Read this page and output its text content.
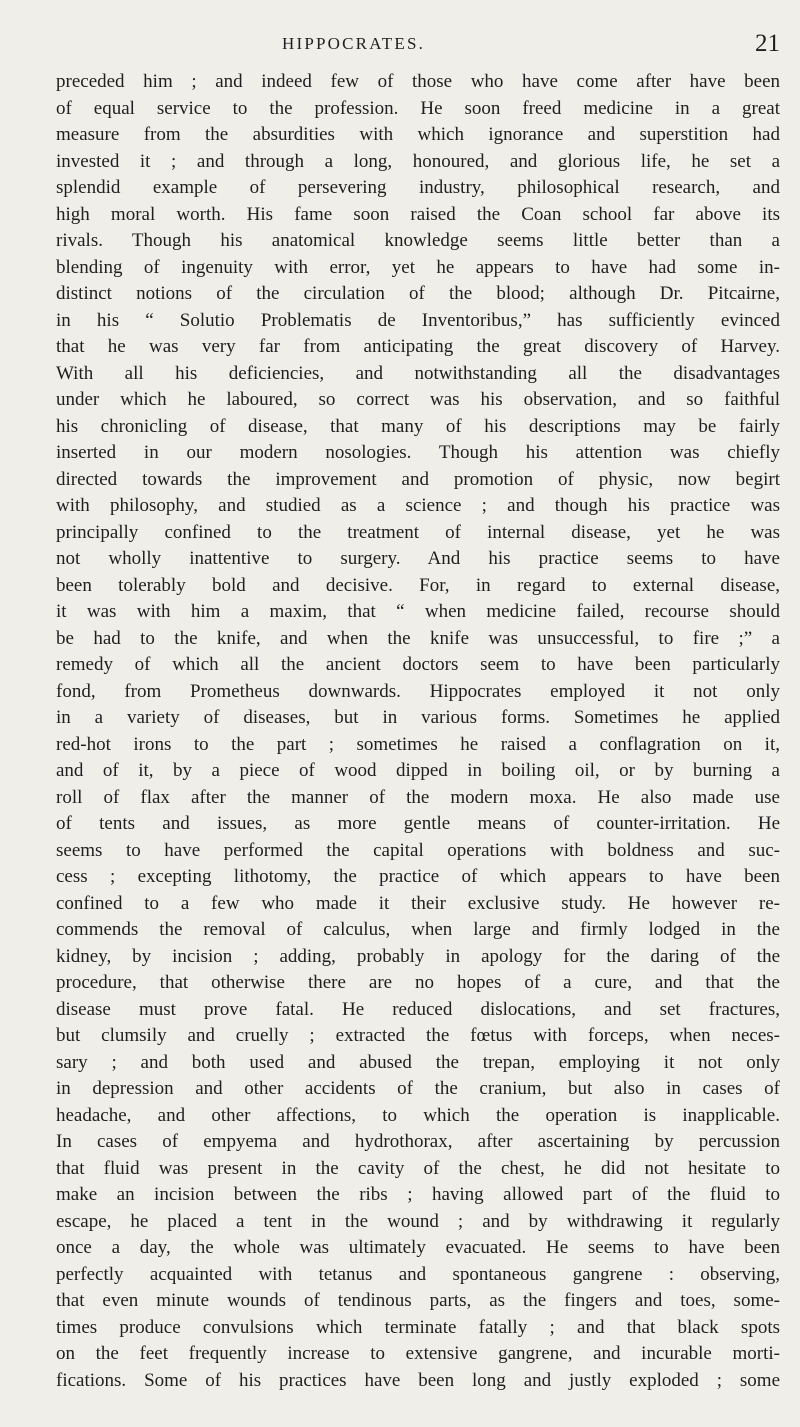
HIPPOCRATES.	21
preceded him ; and indeed few of those who have come after have been
of equal service to the profession. He soon freed medicine in a great
measure from the absurdities with which ignorance and superstition had
invested it ; and through a long, honoured, and glorious life, he set a
splendid example of persevering industry, philosophical research, and
high moral worth. His fame soon raised the Coan school far above its
rivals. Though his anatomical knowledge seems little better than a
blending of ingenuity with error, yet he appears to have had some in-
distinct notions of the circulation of the blood; although Dr. Pitcairne,
in his “ Solutio Problematis de Inventoribus,” has sufficiently evinced
that he was very far from anticipating the great discovery of Harvey.
With all his deficiencies, and notwithstanding all the disadvantages
under which he laboured, so correct was his observation, and so faithful
his chronicling of disease, that many of his descriptions may be fairly
inserted in our modern nosologies. Though his attention was chiefly
directed towards the improvement and promotion of physic, now begirt
with philosophy, and studied as a science ; and though his practice was
principally confined to the treatment of internal disease, yet he was
not wholly inattentive to surgery. And his practice seems to have
been tolerably bold and decisive. For, in regard to external disease,
it was with him a maxim, that “ when medicine failed, recourse should
be had to the knife, and when the knife was unsuccessful, to fire ;” a
remedy of which all the ancient doctors seem to have been particularly
fond, from Prometheus downwards. Hippocrates employed it not only
in a variety of diseases, but in various forms. Sometimes he applied
red-hot irons to the part ; sometimes he raised a conflagration on it,
and of it, by a piece of wood dipped in boiling oil, or by burning a
roll of flax after the manner of the modern moxa. He also made use
of tents and issues, as more gentle means of counter-irritation. He
seems to have performed the capital operations with boldness and suc-
cess ; excepting lithotomy, the practice of which appears to have been
confined to a few who made it their exclusive study. He however re-
commends the removal of calculus, when large and firmly lodged in the
kidney, by incision ; adding, probably in apology for the daring of the
procedure, that otherwise there are no hopes of a cure, and that the
disease must prove fatal. He reduced dislocations, and set fractures,
but clumsily and cruelly ; extracted the fœtus with forceps, when neces-
sary ; and both used and abused the trepan, employing it not only
in depression and other accidents of the cranium, but also in cases of
headache, and other affections, to which the operation is inapplicable.
In cases of empyema and hydrothorax, after ascertaining by percussion
that fluid was present in the cavity of the chest, he did not hesitate to
make an incision between the ribs ; having allowed part of the fluid to
escape, he placed a tent in the wound ; and by withdrawing it regularly
once a day, the whole was ultimately evacuated. He seems to have been
perfectly acquainted with tetanus and spontaneous gangrene : observing,
that even minute wounds of tendinous parts, as the fingers and toes, some-
times produce convulsions which terminate fatally ; and that black spots
on the feet frequently increase to extensive gangrene, and incurable morti-
fications. Some of his practices have been long and justly exploded ; some
